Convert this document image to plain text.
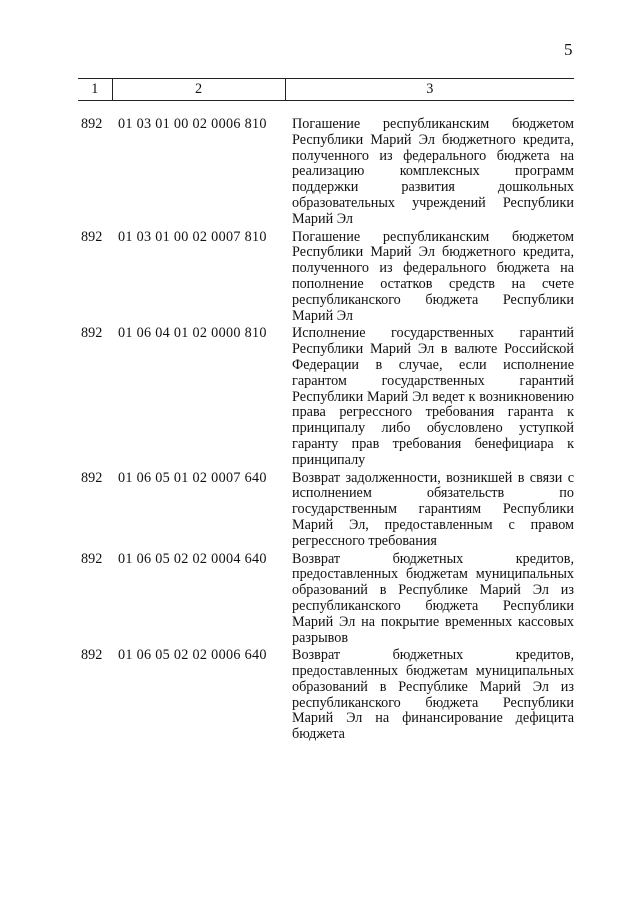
5
1	2	3
892	01 03 01 00 02 0006 810	Погашение республиканским бюджетом Республики Марий Эл бюджетного кредита, полученного из федерального бюджета на реализацию комплексных программ поддержки развития дошкольных образовательных учреждений Республики Марий Эл
892	01 03 01 00 02 0007 810	Погашение республиканским бюджетом Республики Марий Эл бюджетного кредита, полученного из федерального бюджета на пополнение остатков средств на счете республиканского бюджета Республики Марий Эл
892	01 06 04 01 02 0000 810	Исполнение государственных гарантий Республики Марий Эл в валюте Российской Федерации в случае, если исполнение гарантом государственных гарантий Республики Марий Эл ведет к возникновению права регрессного требования гаранта к принципалу либо обусловлено уступкой гаранту прав требования бенефициара к принципалу
892	01 06 05 01 02 0007 640	Возврат задолженности, возникшей в связи с исполнением обязательств по государственным гарантиям Республики Марий Эл, предоставленным с правом регрессного требования
892	01 06 05 02 02 0004 640	Возврат бюджетных кредитов, предоставленных бюджетам муниципальных образований в Республике Марий Эл из республиканского бюджета Республики Марий Эл на покрытие временных кассовых разрывов
892	01 06 05 02 02 0006 640	Возврат бюджетных кредитов, предоставленных бюджетам муниципальных образований в Республике Марий Эл из республиканского бюджета Республики Марий Эл на финансирование дефицита бюджета
